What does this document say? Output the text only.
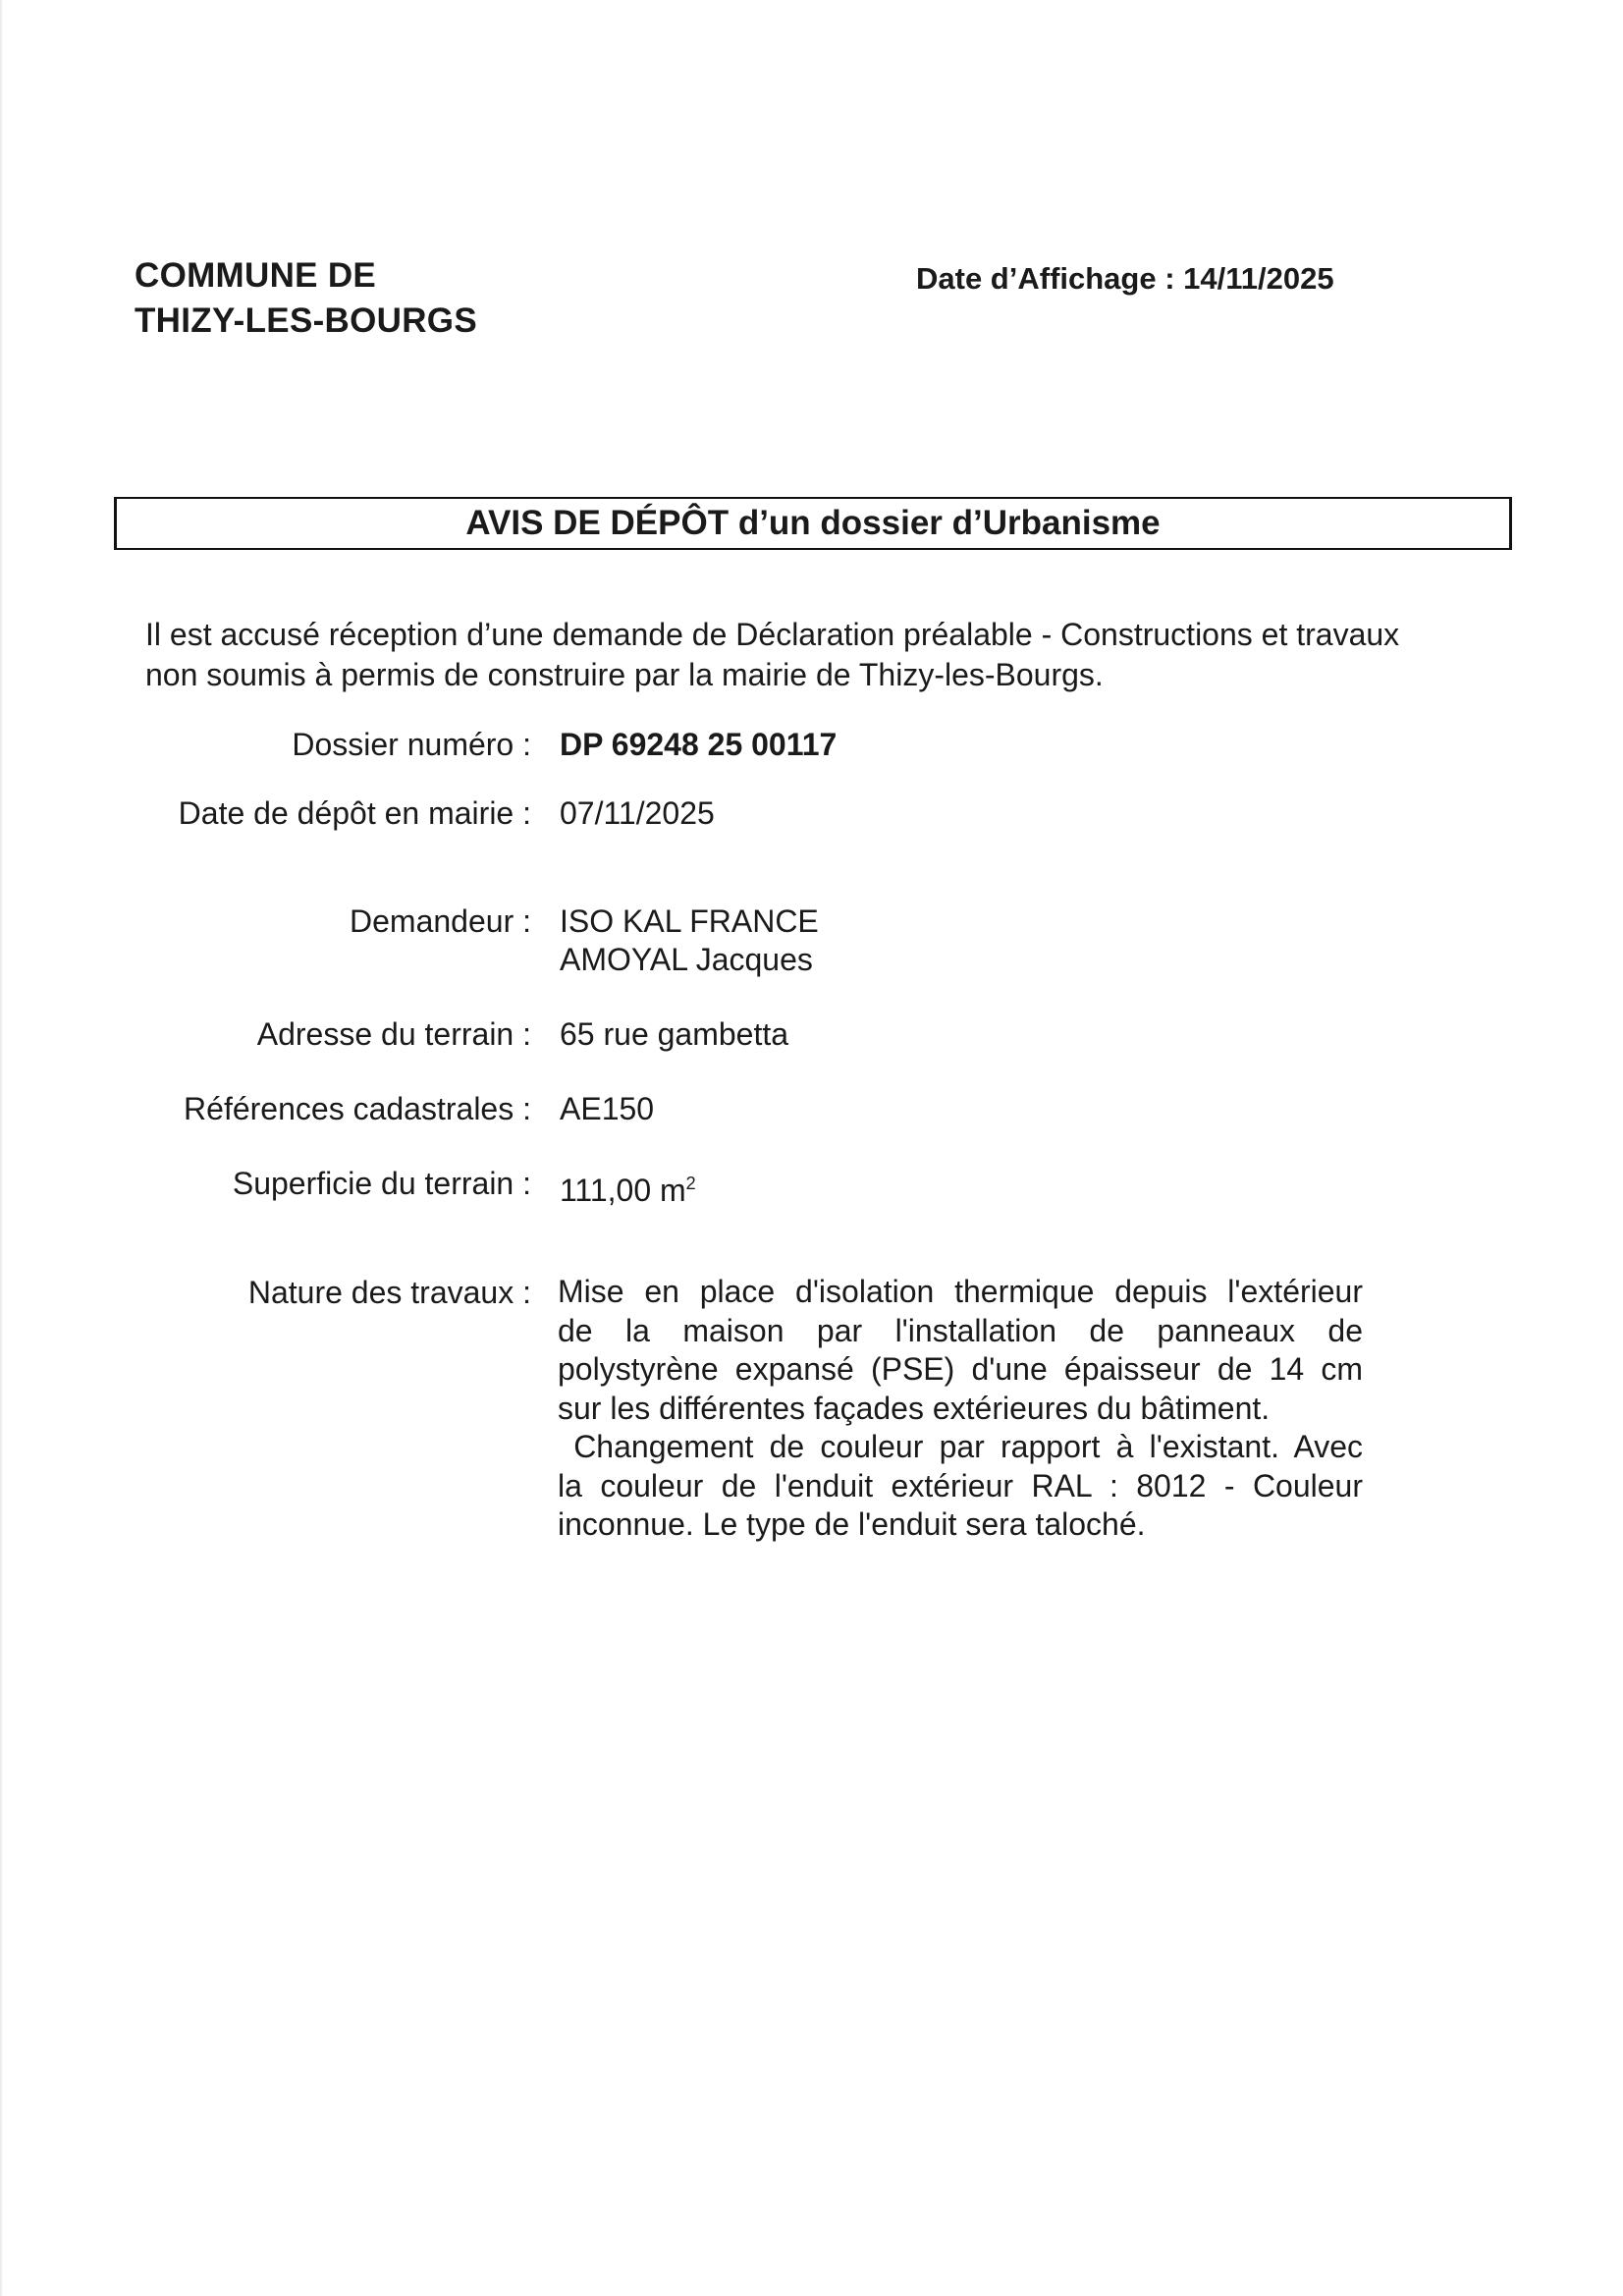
COMMUNE DE
THIZY-LES-BOURGS
Date d’Affichage : 14/11/2025
AVIS DE DÉPÔT d’un dossier d’Urbanisme
Il est accusé réception d’une demande de Déclaration préalable - Constructions et travaux
non soumis à permis de construire par la mairie de Thizy-les-Bourgs.
Dossier numéro : DP 69248 25 00117
Date de dépôt en mairie : 07/11/2025
Demandeur : ISO KAL FRANCE
AMOYAL Jacques
Adresse du terrain : 65 rue gambetta
Références cadastrales : AE150
Superficie du terrain : 111,00 $m^2$
Nature des travaux : Mise en place d'isolation thermique depuis l'extérieur
de la maison par l'installation de panneaux de
polystyrène expansé (PSE) d'une épaisseur de 14 cm
sur les différentes façades extérieures du bâtiment.
Changement de couleur par rapport à l'existant. Avec
la couleur de l'enduit extérieur RAL : 8012 - Couleur
inconnue. Le type de l'enduit sera taloché.
